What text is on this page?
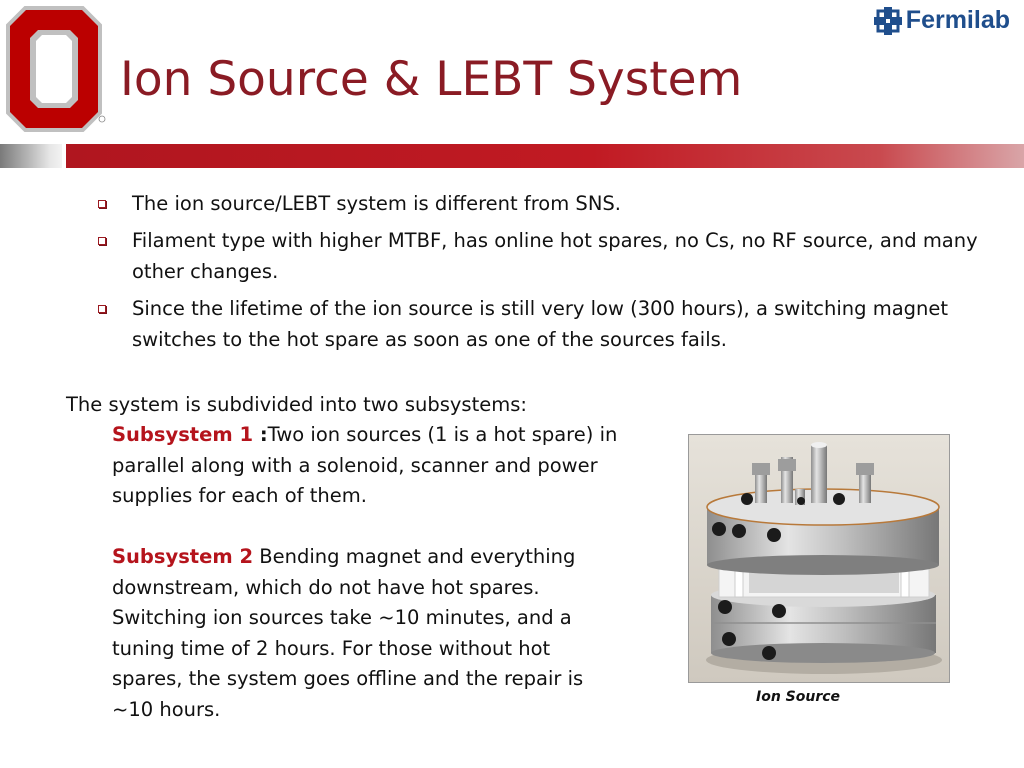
Fermilab
Ion Source & LEBT System
The ion source/LEBT system is different from SNS.
Filament type with higher MTBF, has online hot spares, no Cs, no RF source, and many other changes.
Since the lifetime of the ion source is still very low (300 hours), a switching magnet switches to the hot spare as soon as one of the sources fails.
The system is subdivided into two subsystems:
Subsystem 1 :Two ion sources (1 is a hot spare) in parallel along with a solenoid, scanner and power supplies for each of them.
Subsystem 2 Bending magnet and everything downstream, which do not have hot spares. Switching ion sources take ~10 minutes, and a tuning time of 2 hours. For those without hot spares, the system goes offline and the repair is ~10 hours.
Ion Source
